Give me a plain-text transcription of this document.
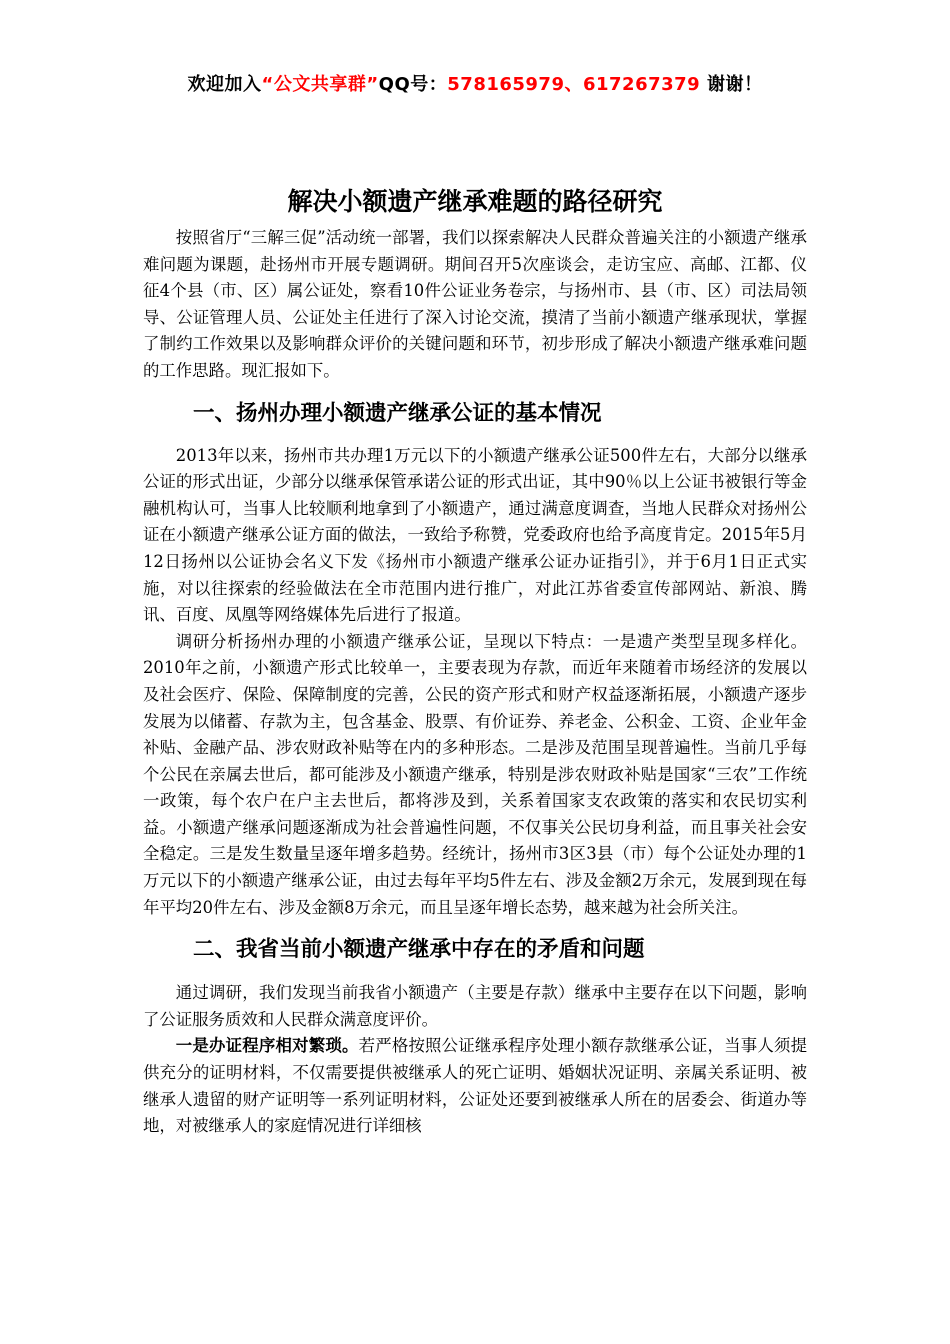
欢迎加入“公文共享群”QQ号：578165979、617267379 谢谢！
解决小额遗产继承难题的路径研究

按照省厅“三解三促”活动统一部署，我们以探索解决人民群众普遍关注的小额遗产继承难问题为课题，赴扬州市开展专题调研。期间召开5次座谈会，走访宝应、高邮、江都、仪征4个县（市、区）属公证处，察看10件公证业务卷宗，与扬州市、县（市、区）司法局领导、公证管理人员、公证处主任进行了深入讨论交流，摸清了当前小额遗产继承现状，掌握了制约工作效果以及影响群众评价的关键问题和环节，初步形成了解决小额遗产继承难问题的工作思路。现汇报如下。

一、扬州办理小额遗产继承公证的基本情况

2013年以来，扬州市共办理1万元以下的小额遗产继承公证500件左右，大部分以继承公证的形式出证，少部分以继承保管承诺公证的形式出证，其中90％以上公证书被银行等金融机构认可，当事人比较顺利地拿到了小额遗产，通过满意度调查，当地人民群众对扬州公证在小额遗产继承公证方面的做法，一致给予称赞，党委政府也给予高度肯定。2015年5月12日扬州以公证协会名义下发《扬州市小额遗产继承公证办证指引》，并于6月1日正式实施，对以往探索的经验做法在全市范围内进行推广，对此江苏省委宣传部网站、新浪、腾讯、百度、凤凰等网络媒体先后进行了报道。

调研分析扬州办理的小额遗产继承公证，呈现以下特点：一是遗产类型呈现多样化。2010年之前，小额遗产形式比较单一，主要表现为存款，而近年来随着市场经济的发展以及社会医疗、保险、保障制度的完善，公民的资产形式和财产权益逐渐拓展，小额遗产逐步发展为以储蓄、存款为主，包含基金、股票、有价证券、养老金、公积金、工资、企业年金补贴、金融产品、涉农财政补贴等在内的多种形态。二是涉及范围呈现普遍性。当前几乎每个公民在亲属去世后，都可能涉及小额遗产继承，特别是涉农财政补贴是国家“三农”工作统一政策，每个农户在户主去世后，都将涉及到，关系着国家支农政策的落实和农民切实利益。小额遗产继承问题逐渐成为社会普遍性问题，不仅事关公民切身利益，而且事关社会安全稳定。三是发生数量呈逐年增多趋势。经统计，扬州市3区3县（市）每个公证处办理的1万元以下的小额遗产继承公证，由过去每年平均5件左右、涉及金额2万余元，发展到现在每年平均20件左右、涉及金额8万余元，而且呈逐年增长态势，越来越为社会所关注。

二、我省当前小额遗产继承中存在的矛盾和问题

通过调研，我们发现当前我省小额遗产（主要是存款）继承中主要存在以下问题，影响了公证服务质效和人民群众满意度评价。

一是办证程序相对繁琐。若严格按照公证继承程序处理小额存款继承公证，当事人须提供充分的证明材料，不仅需要提供被继承人的死亡证明、婚姻状况证明、亲属关系证明、被继承人遗留的财产证明等一系列证明材料，公证处还要到被继承人所在的居委会、街道办等地，对被继承人的家庭情况进行详细核
